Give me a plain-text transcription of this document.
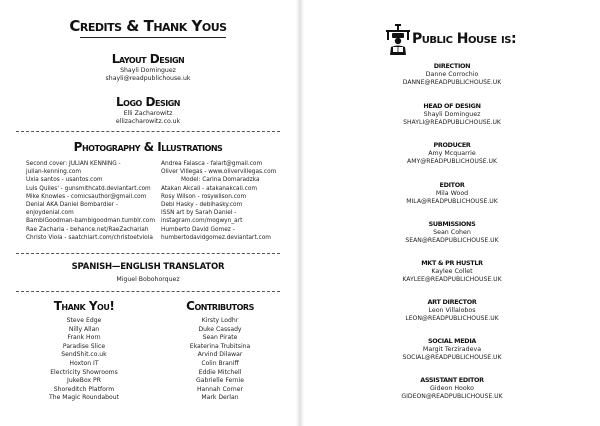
Credits & Thank Yous
Layout Design
Shayli Dominguez
shayli@readpublichouse.uk
Logo Design
Elli Zacharowitz
ellizacharowitz.co.uk
Photography & Illustrations
Second cover: JULIAN KENNING -
julian-kenning.com
Uxia santos - usantos.com
Luis Quiles' - gunsmithcatd.deviantart.com
Mike Knowles - comicsauthor@gmail.com
Denial AKA Daniel Bombardier -
enjoydenial.com
BambiGoodman-bambigoodman.tumblr.com
Rae Zacharia - behance.net/RaeZachariah
Christo Viola - saatchiart.com/christoetviola
Andrea Falasca - falart@gmail.com
Oliver Villegas - www.olivervillegas.com
Model: Carina Domaradzka
Atakan Akcali - atakanakcali.com
Rosy Wilson - rosywilson.com
Debi Hasky - debihasky.com
ISSN art by Sarah Daniel -
instagram.com/mogwyn_art
Humberto David Gomez -
humbertodavidgomez.deviantart.com
SPANISH—ENGLISH TRANSLATOR
Miguel Bobohorquez
Thank You!
Steve Edge
Nilly Allan
Frank Horn
Paradise Slice
SendShit.co.uk
Hoxton IT
Electricity Showrooms
JukeBox PR
Shoreditch Platform
The Magic Roundabout
Contributors
Kirsty Lodhr
Duke Cassady
Sean Pirate
Ekaterina Trubitsina
Arvind Dilawar
Colin Braniff
Eddie Mitchell
Gabrielle Fernie
Hannah Corner
Mark Derlan
Public House is:
DIRECTION
Danne Corrochio
DANNE@READPUBLICHOUSE.UK
HEAD OF DESIGN
Shayli Dominguez
SHAYLI@READPUBLICHOUSE.UK
PRODUCER
Amy Mcquarrie
AMY@READPUBLICHOUSE.UK
EDITOR
Mila Wood
MILA@READPUBLICHOUSE.UK
SUBMISSIONS
Sean Cohen
SEAN@READPUBLICHOUSE.UK
MKT & PR HUSTLR
Kaylee Collet
KAYLEE@READPUBLICHOUSE.UK
ART DIRECTOR
Leon Villalobos
LEON@READPUBLICHOUSE.UK
SOCIAL MEDIA
Margit Terziradeva
SOCIAL@READPUBLICHOUSE.UK
ASSISTANT EDITOR
Gideon Hooko
GIDEON@READPUBLICHOUSE.UK
